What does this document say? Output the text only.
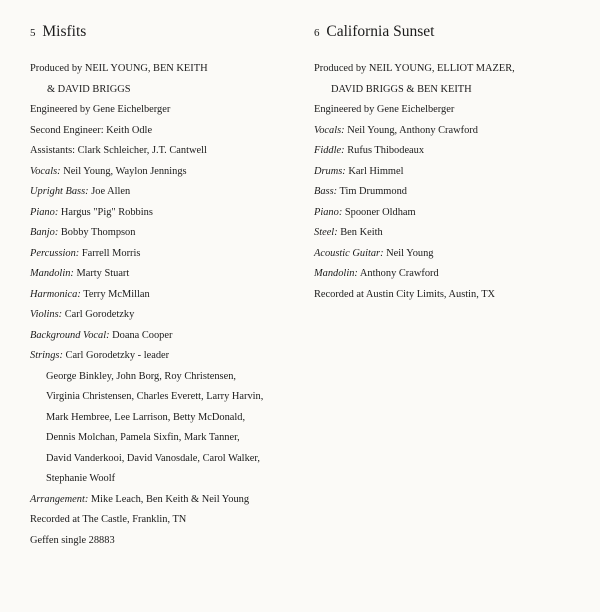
5 Misfits
Produced by NEIL YOUNG, BEN KEITH
& DAVID BRIGGS
Engineered by Gene Eichelberger
Second Engineer: Keith Odle
Assistants: Clark Schleicher, J.T. Cantwell
Vocals: Neil Young, Waylon Jennings
Upright Bass: Joe Allen
Piano: Hargus "Pig" Robbins
Banjo: Bobby Thompson
Percussion: Farrell Morris
Mandolin: Marty Stuart
Harmonica: Terry McMillan
Violins: Carl Gorodetzky
Background Vocal: Doana Cooper
Strings: Carl Gorodetzky - leader
George Binkley, John Borg, Roy Christensen,
Virginia Christensen, Charles Everett, Larry Harvin,
Mark Hembree, Lee Larrison, Betty McDonald,
Dennis Molchan, Pamela Sixfin, Mark Tanner,
David Vanderkooi, David Vanosdale, Carol Walker,
Stephanie Woolf
Arrangement: Mike Leach, Ben Keith & Neil Young
Recorded at The Castle, Franklin, TN
Geffen single 28883
6 California Sunset
Produced by NEIL YOUNG, ELLIOT MAZER,
DAVID BRIGGS & BEN KEITH
Engineered by Gene Eichelberger
Vocals: Neil Young, Anthony Crawford
Fiddle: Rufus Thibodeaux
Drums: Karl Himmel
Bass: Tim Drummond
Piano: Spooner Oldham
Steel: Ben Keith
Acoustic Guitar: Neil Young
Mandolin: Anthony Crawford
Recorded at Austin City Limits, Austin, TX
